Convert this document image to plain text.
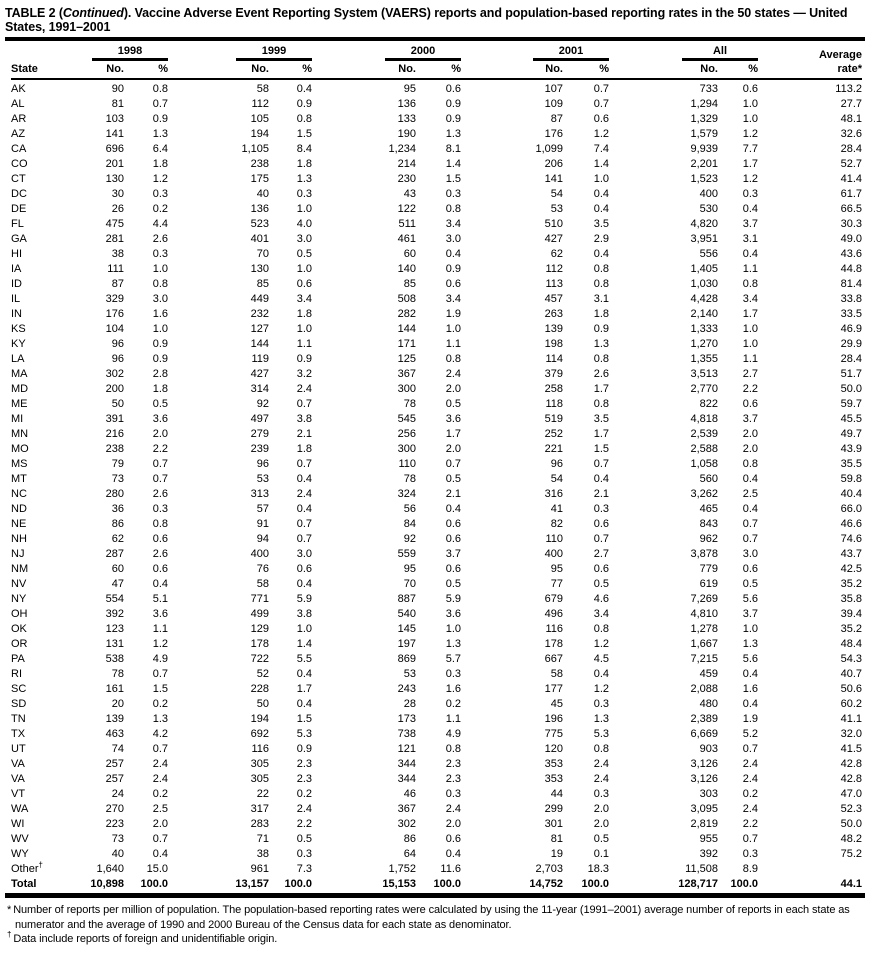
TABLE 2 (Continued). Vaccine Adverse Event Reporting System (VAERS) reports and population-based reporting rates in the 50 states — United States, 1991–2001

	1998		1999		2000		2001		All		Average
State	No.	%	No.	%	No.	%	No.	%	No.	%	rate*
AK	90	0.8	58	0.4	95	0.6	107	0.7	733	0.6	113.2
AL	81	0.7	112	0.9	136	0.9	109	0.7	1,294	1.0	27.7
AR	103	0.9	105	0.8	133	0.9	87	0.6	1,329	1.0	48.1
AZ	141	1.3	194	1.5	190	1.3	176	1.2	1,579	1.2	32.6
CA	696	6.4	1,105	8.4	1,234	8.1	1,099	7.4	9,939	7.7	28.4
CO	201	1.8	238	1.8	214	1.4	206	1.4	2,201	1.7	52.7
CT	130	1.2	175	1.3	230	1.5	141	1.0	1,523	1.2	41.4
DC	30	0.3	40	0.3	43	0.3	54	0.4	400	0.3	61.7
DE	26	0.2	136	1.0	122	0.8	53	0.4	530	0.4	66.5
FL	475	4.4	523	4.0	511	3.4	510	3.5	4,820	3.7	30.3
GA	281	2.6	401	3.0	461	3.0	427	2.9	3,951	3.1	49.0
HI	38	0.3	70	0.5	60	0.4	62	0.4	556	0.4	43.6
IA	111	1.0	130	1.0	140	0.9	112	0.8	1,405	1.1	44.8
ID	87	0.8	85	0.6	85	0.6	113	0.8	1,030	0.8	81.4
IL	329	3.0	449	3.4	508	3.4	457	3.1	4,428	3.4	33.8
IN	176	1.6	232	1.8	282	1.9	263	1.8	2,140	1.7	33.5
KS	104	1.0	127	1.0	144	1.0	139	0.9	1,333	1.0	46.9
KY	96	0.9	144	1.1	171	1.1	198	1.3	1,270	1.0	29.9
LA	96	0.9	119	0.9	125	0.8	114	0.8	1,355	1.1	28.4
MA	302	2.8	427	3.2	367	2.4	379	2.6	3,513	2.7	51.7
MD	200	1.8	314	2.4	300	2.0	258	1.7	2,770	2.2	50.0
ME	50	0.5	92	0.7	78	0.5	118	0.8	822	0.6	59.7
MI	391	3.6	497	3.8	545	3.6	519	3.5	4,818	3.7	45.5
MN	216	2.0	279	2.1	256	1.7	252	1.7	2,539	2.0	49.7
MO	238	2.2	239	1.8	300	2.0	221	1.5	2,588	2.0	43.9
MS	79	0.7	96	0.7	110	0.7	96	0.7	1,058	0.8	35.5
MT	73	0.7	53	0.4	78	0.5	54	0.4	560	0.4	59.8
NC	280	2.6	313	2.4	324	2.1	316	2.1	3,262	2.5	40.4
ND	36	0.3	57	0.4	56	0.4	41	0.3	465	0.4	66.0
NE	86	0.8	91	0.7	84	0.6	82	0.6	843	0.7	46.6
NH	62	0.6	94	0.7	92	0.6	110	0.7	962	0.7	74.6
NJ	287	2.6	400	3.0	559	3.7	400	2.7	3,878	3.0	43.7
NM	60	0.6	76	0.6	95	0.6	95	0.6	779	0.6	42.5
NV	47	0.4	58	0.4	70	0.5	77	0.5	619	0.5	35.2
NY	554	5.1	771	5.9	887	5.9	679	4.6	7,269	5.6	35.8
OH	392	3.6	499	3.8	540	3.6	496	3.4	4,810	3.7	39.4
OK	123	1.1	129	1.0	145	1.0	116	0.8	1,278	1.0	35.2
OR	131	1.2	178	1.4	197	1.3	178	1.2	1,667	1.3	48.4
PA	538	4.9	722	5.5	869	5.7	667	4.5	7,215	5.6	54.3
RI	78	0.7	52	0.4	53	0.3	58	0.4	459	0.4	40.7
SC	161	1.5	228	1.7	243	1.6	177	1.2	2,088	1.6	50.6
SD	20	0.2	50	0.4	28	0.2	45	0.3	480	0.4	60.2
TN	139	1.3	194	1.5	173	1.1	196	1.3	2,389	1.9	41.1
TX	463	4.2	692	5.3	738	4.9	775	5.3	6,669	5.2	32.0
UT	74	0.7	116	0.9	121	0.8	120	0.8	903	0.7	41.5
VA	257	2.4	305	2.3	344	2.3	353	2.4	3,126	2.4	42.8
VA	257	2.4	305	2.3	344	2.3	353	2.4	3,126	2.4	42.8
VT	24	0.2	22	0.2	46	0.3	44	0.3	303	0.2	47.0
WA	270	2.5	317	2.4	367	2.4	299	2.0	3,095	2.4	52.3
WI	223	2.0	283	2.2	302	2.0	301	2.0	2,819	2.2	50.0
WV	73	0.7	71	0.5	86	0.6	81	0.5	955	0.7	48.2
WY	40	0.4	38	0.3	64	0.4	19	0.1	392	0.3	75.2
Other†	1,640	15.0	961	7.3	1,752	11.6	2,703	18.3	11,508	8.9	
Total	10,898	100.0	13,157	100.0	15,153	100.0	14,752	100.0	128,717	100.0	44.1
* Number of reports per million of population. The population-based reporting rates were calculated by using the 11-year (1991–2001) average number of reports in each state as numerator and the average of 1990 and 2000 Bureau of the Census data for each state as denominator.
† Data include reports of foreign and unidentifiable origin.
